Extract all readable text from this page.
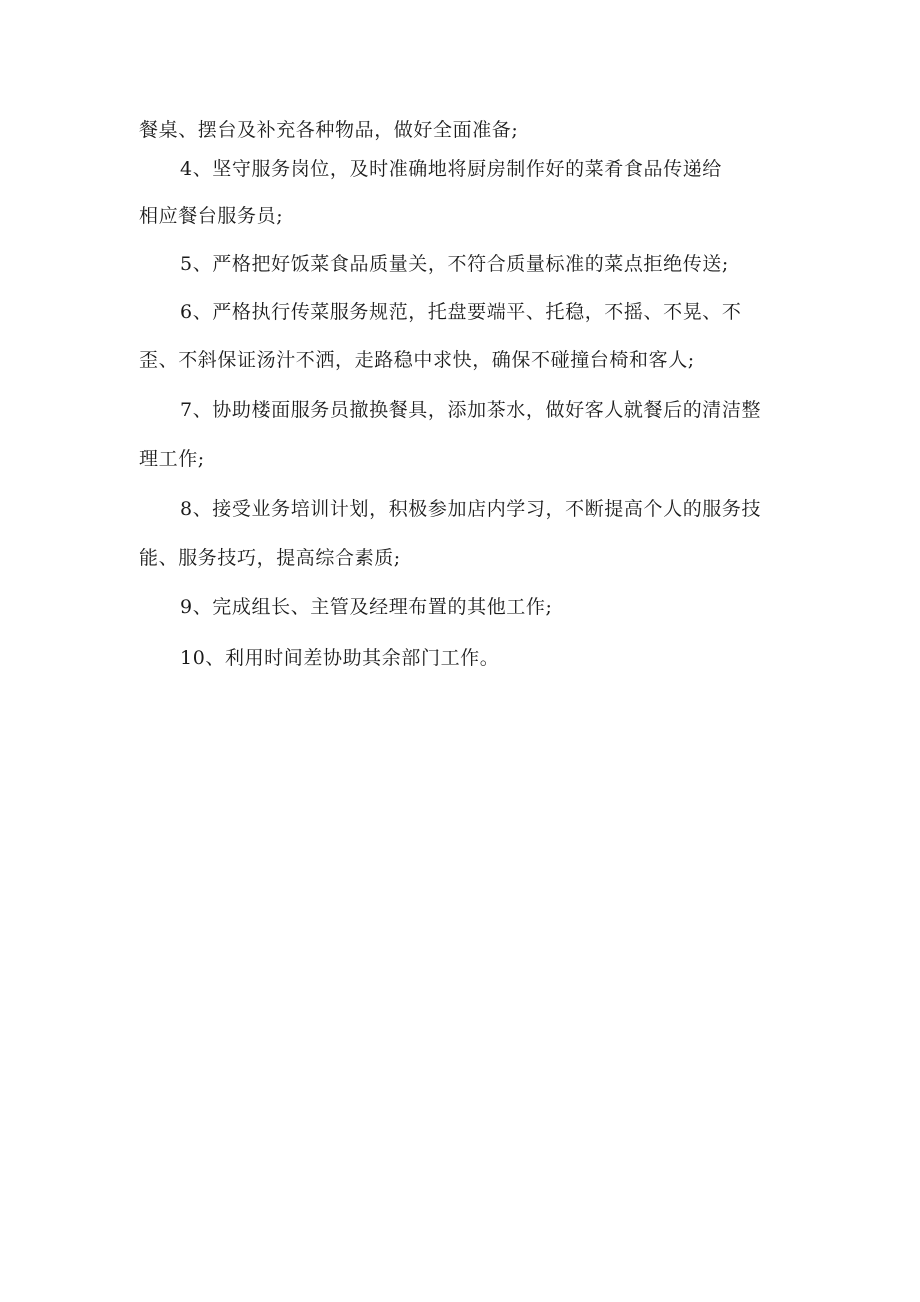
餐桌、摆台及补充各种物品，做好全面准备;
4、坚守服务岗位，及时准确地将厨房制作好的菜肴食品传递给
相应餐台服务员;
5、严格把好饭菜食品质量关，不符合质量标准的菜点拒绝传送;
6、严格执行传菜服务规范，托盘要端平、托稳，不摇、不晃、不
歪、不斜保证汤汁不洒，走路稳中求快，确保不碰撞台椅和客人;
7、协助楼面服务员撤换餐具，添加茶水，做好客人就餐后的清洁整
理工作;
8、接受业务培训计划，积极参加店内学习，不断提高个人的服务技
能、服务技巧，提高综合素质;
9、完成组长、主管及经理布置的其他工作;
10、利用时间差协助其余部门工作。
